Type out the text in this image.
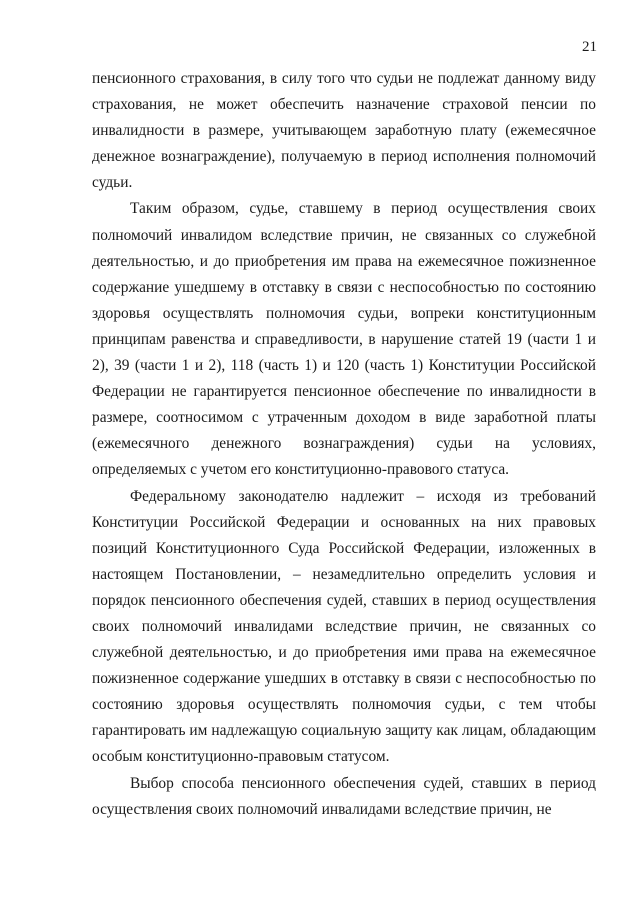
21

пенсионного страхования, в силу того что судьи не подлежат данному виду страхования, не может обеспечить назначение страховой пенсии по инвалидности в размере, учитывающем заработную плату (ежемесячное денежное вознаграждение), получаемую в период исполнения полномочий судьи.

Таким образом, судье, ставшему в период осуществления своих полномочий инвалидом вследствие причин, не связанных со служебной деятельностью, и до приобретения им права на ежемесячное пожизненное содержание ушедшему в отставку в связи с неспособностью по состоянию здоровья осуществлять полномочия судьи, вопреки конституционным принципам равенства и справедливости, в нарушение статей 19 (части 1 и 2), 39 (части 1 и 2), 118 (часть 1) и 120 (часть 1) Конституции Российской Федерации не гарантируется пенсионное обеспечение по инвалидности в размере, соотносимом с утраченным доходом в виде заработной платы (ежемесячного денежного вознаграждения) судьи на условиях, определяемых с учетом его конституционно-правового статуса.

Федеральному законодателю надлежит – исходя из требований Конституции Российской Федерации и основанных на них правовых позиций Конституционного Суда Российской Федерации, изложенных в настоящем Постановлении, – незамедлительно определить условия и порядок пенсионного обеспечения судей, ставших в период осуществления своих полномочий инвалидами вследствие причин, не связанных со служебной деятельностью, и до приобретения ими права на ежемесячное пожизненное содержание ушедших в отставку в связи с неспособностью по состоянию здоровья осуществлять полномочия судьи, с тем чтобы гарантировать им надлежащую социальную защиту как лицам, обладающим особым конституционно-правовым статусом.

Выбор способа пенсионного обеспечения судей, ставших в период осуществления своих полномочий инвалидами вследствие причин, не
